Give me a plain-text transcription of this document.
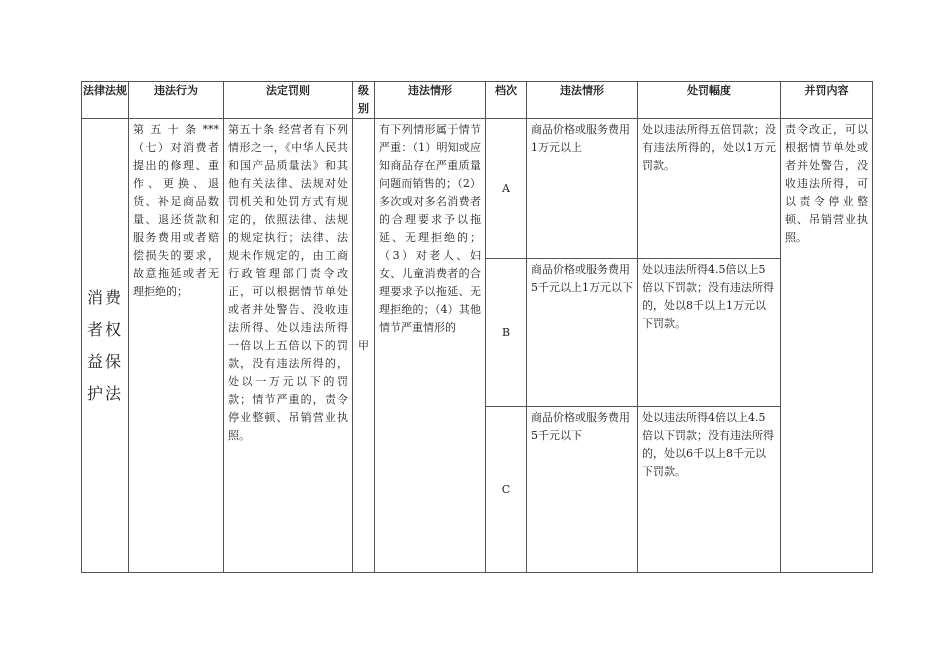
法律法规	违法行为	法定罚则	级别	违法情形	档次	违法情形	处罚幅度	并罚内容
消费者权益保护法	第五十条***（七）对消费者提出的修理、重作、更换、退货、补足商品数量、退还货款和服务费用或者赔偿损失的要求，故意拖延或者无理拒绝的；	第五十条 经营者有下列情形之一，《中华人民共和国产品质量法》和其他有关法律、法规对处罚机关和处罚方式有规定的，依照法律、法规的规定执行；法律、法规未作规定的，由工商行政管理部门责令改正，可以根据情节单处或者并处警告、没收违法所得、处以违法所得一倍以上五倍以下的罚款，没有违法所得的，处以一万元以下的罚款；情节严重的，责令停业整顿、吊销营业执照。	甲	有下列情形属于情节严重：（1）明知或应知商品存在严重质量问题而销售的；（2）多次或对多名消费者的合理要求予以拖延、无理拒绝的；（3）对老人、妇女、儿童消费者的合理要求予以拖延、无理拒绝的；（4）其他情节严重情形的	A	商品价格或服务费用1万元以上	处以违法所得五倍罚款；没有违法所得的，处以1万元罚款。	责令改正，可以根据情节单处或者并处警告，没收违法所得，可以责令停业整顿、吊销营业执照。

					B	商品价格或服务费用5千元以上1万元以下	处以违法所得4.5倍以上5倍以下罚款；没有违法所得的，处以8千以上1万元以下罚款。	

					C	商品价格或服务费用5千元以下	处以违法所得4倍以上4.5倍以下罚款；没有违法所得的，处以6千以上8千元以下罚款。	
